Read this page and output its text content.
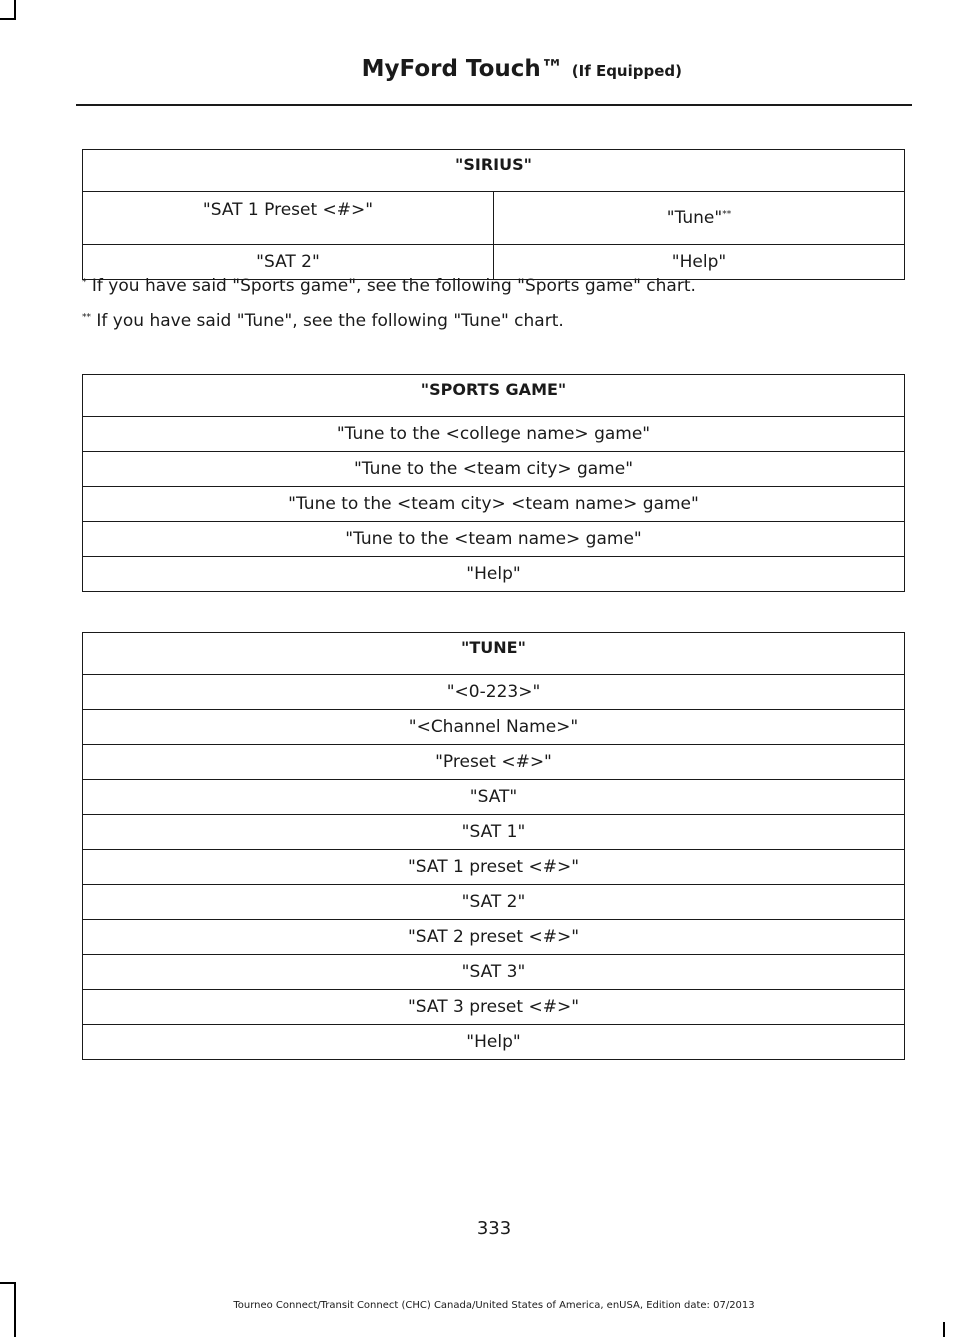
MyFord Touch™ (If Equipped)
"SIRIUS"	
"SAT 1 Preset <#>"	"Tune"**
"SAT 2"	"Help"
* If you have said "Sports game", see the following "Sports game" chart.
** If you have said "Tune", see the following "Tune" chart.
"SPORTS GAME"
"Tune to the <college name> game"
"Tune to the <team city> game"
"Tune to the <team city> <team name> game"
"Tune to the <team name> game"
"Help"
"TUNE"
"<0-223>"
"<Channel Name>"
"Preset <#>"
"SAT"
"SAT 1"
"SAT 1 preset <#>"
"SAT 2"
"SAT 2 preset <#>"
"SAT 3"
"SAT 3 preset <#>"
"Help"
333
Tourneo Connect/Transit Connect (CHC) Canada/United States of America, enUSA, Edition date: 07/2013
